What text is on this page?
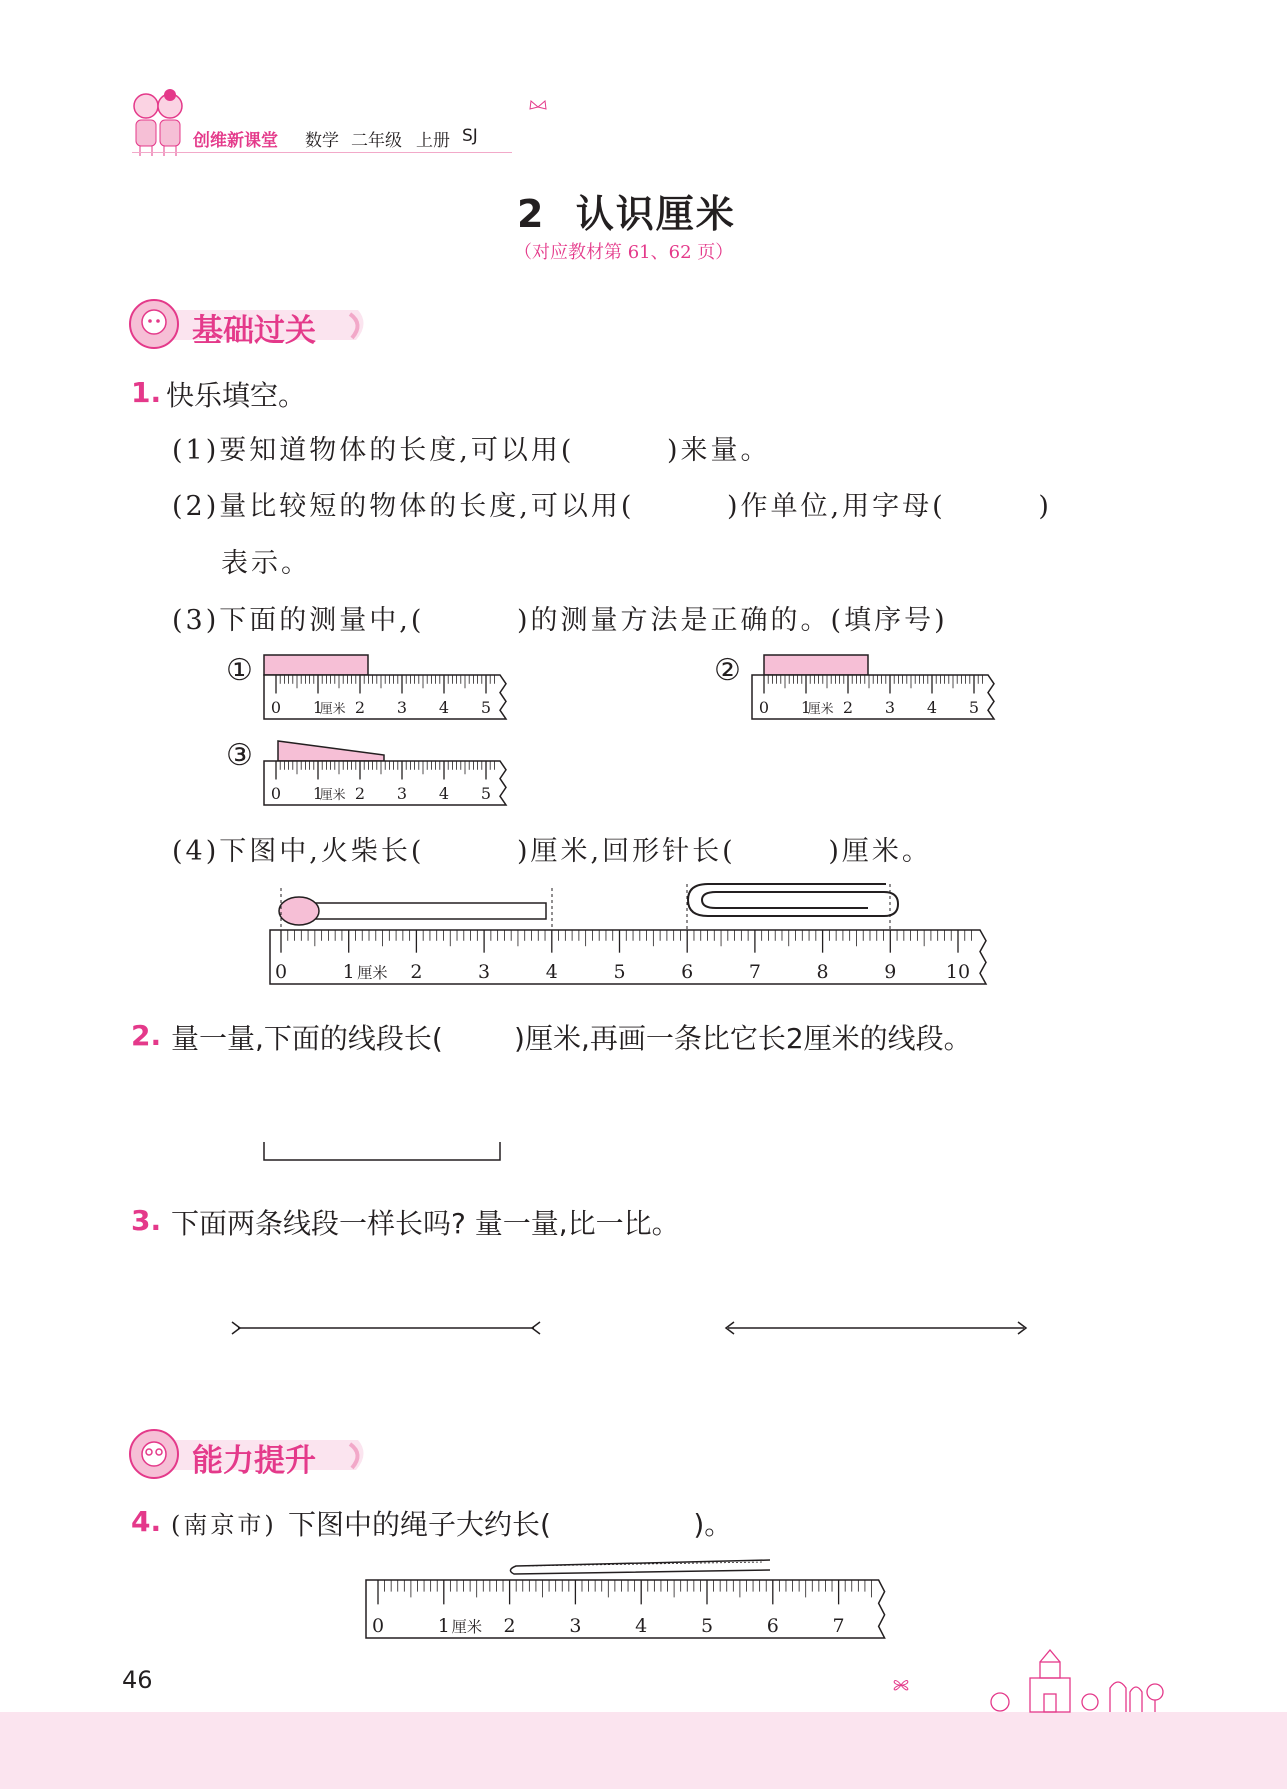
创维新课堂 数学 二年级 上册 SJ
2  认识厘米
（对应教材第 61、62 页）
基础过关
1. 快乐填空。
(1)要知道物体的长度,可以用(        )来量。
(2)量比较短的物体的长度,可以用(        )作单位,用字母(        )
表示。
(3)下面的测量中,(        )的测量方法是正确的。(填序号)
①
0 1
厘米 2 3 4 5
②
0 1
厘米 2 3 4 5
③
0 1
厘米 2 3 4 5
(4)下图中,火柴长(        )厘米,回形针长(        )厘米。
0	1 厘米 2	3	4	5	6	7	8	9	10
2. 量一量,下面的线段长(        )厘米,再画一条比它长2厘米的线段。
3. 下面两条线段一样长吗? 量一量,比一比。
能力提升
4. (南京市) 下图中的绳子大约长(                )。
0	1 厘米 2	3	4	5	6	7
46
